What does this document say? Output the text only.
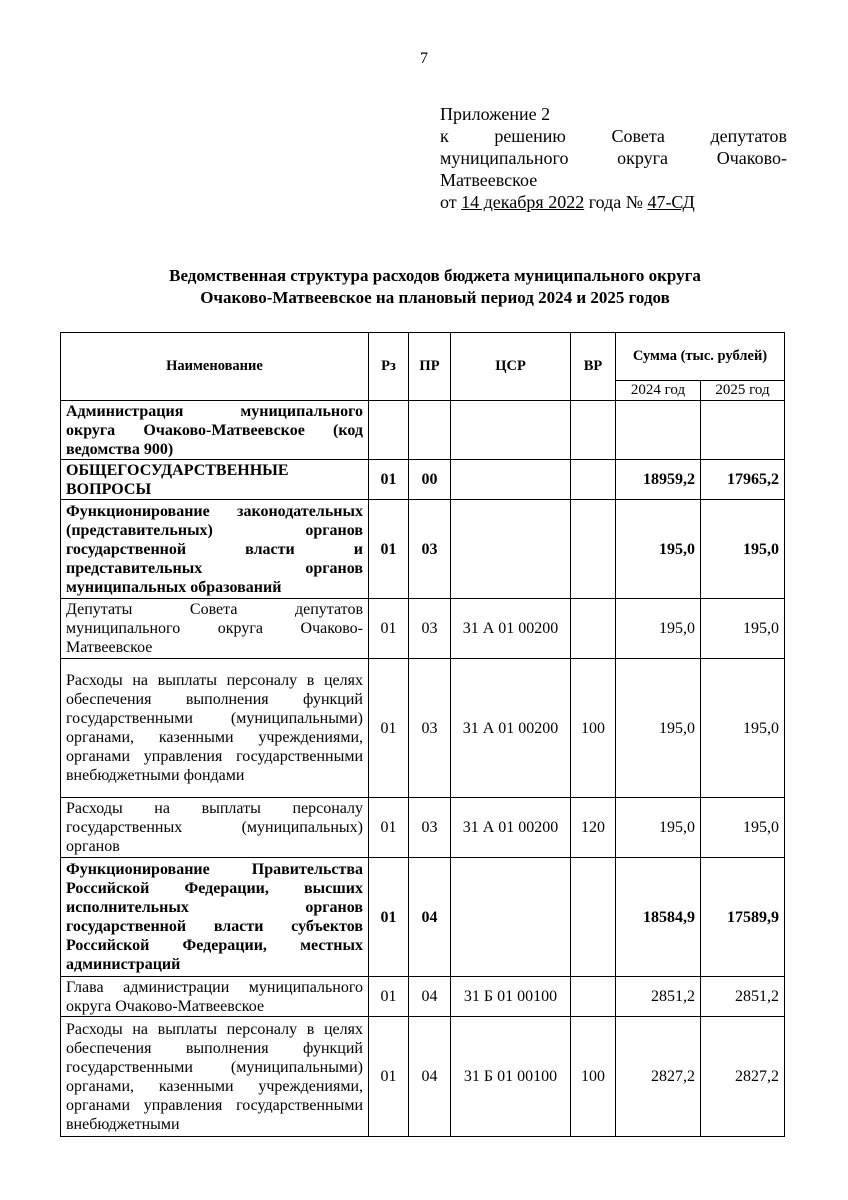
7
Приложение 2
к решению Совета депутатов
муниципального округа Очаково-
Матвеевское
от 14 декабря 2022 года № 47-СД
Ведомственная структура расходов бюджета муниципального округа
Очаково-Матвеевское на плановый период 2024 и 2025 годов
Наименование	Рз	ПР	ЦСР	ВР	Сумма (тыс. рублей)	
					2024 год	2025 год
Администрация муниципального округа Очаково-Матвеевское (код ведомства 900)						
ОБЩЕГОСУДАРСТВЕННЫЕ ВОПРОСЫ	01	00			18959,2	17965,2
Функционирование законодательных (представительных) органов государственной власти и представительных органов муниципальных образований	01	03			195,0	195,0
Депутаты Совета депутатов муниципального округа Очаково-Матвеевское	01	03	31 А 01 00200		195,0	195,0
Расходы на выплаты персоналу в целях обеспечения выполнения функций государственными (муниципальными) органами, казенными учреждениями, органами управления государственными внебюджетными фондами	01	03	31 А 01 00200	100	195,0	195,0
Расходы на выплаты персоналу государственных (муниципальных) органов	01	03	31 А 01 00200	120	195,0	195,0
Функционирование Правительства Российской Федерации, высших исполнительных органов государственной власти субъектов Российской Федерации, местных администраций	01	04			18584,9	17589,9
Глава администрации муниципального округа Очаково-Матвеевское	01	04	31 Б 01 00100		2851,2	2851,2
Расходы на выплаты персоналу в целях обеспечения выполнения функций государственными (муниципальными) органами, казенными учреждениями, органами управления государственными внебюджетными	01	04	31 Б 01 00100	100	2827,2	2827,2
